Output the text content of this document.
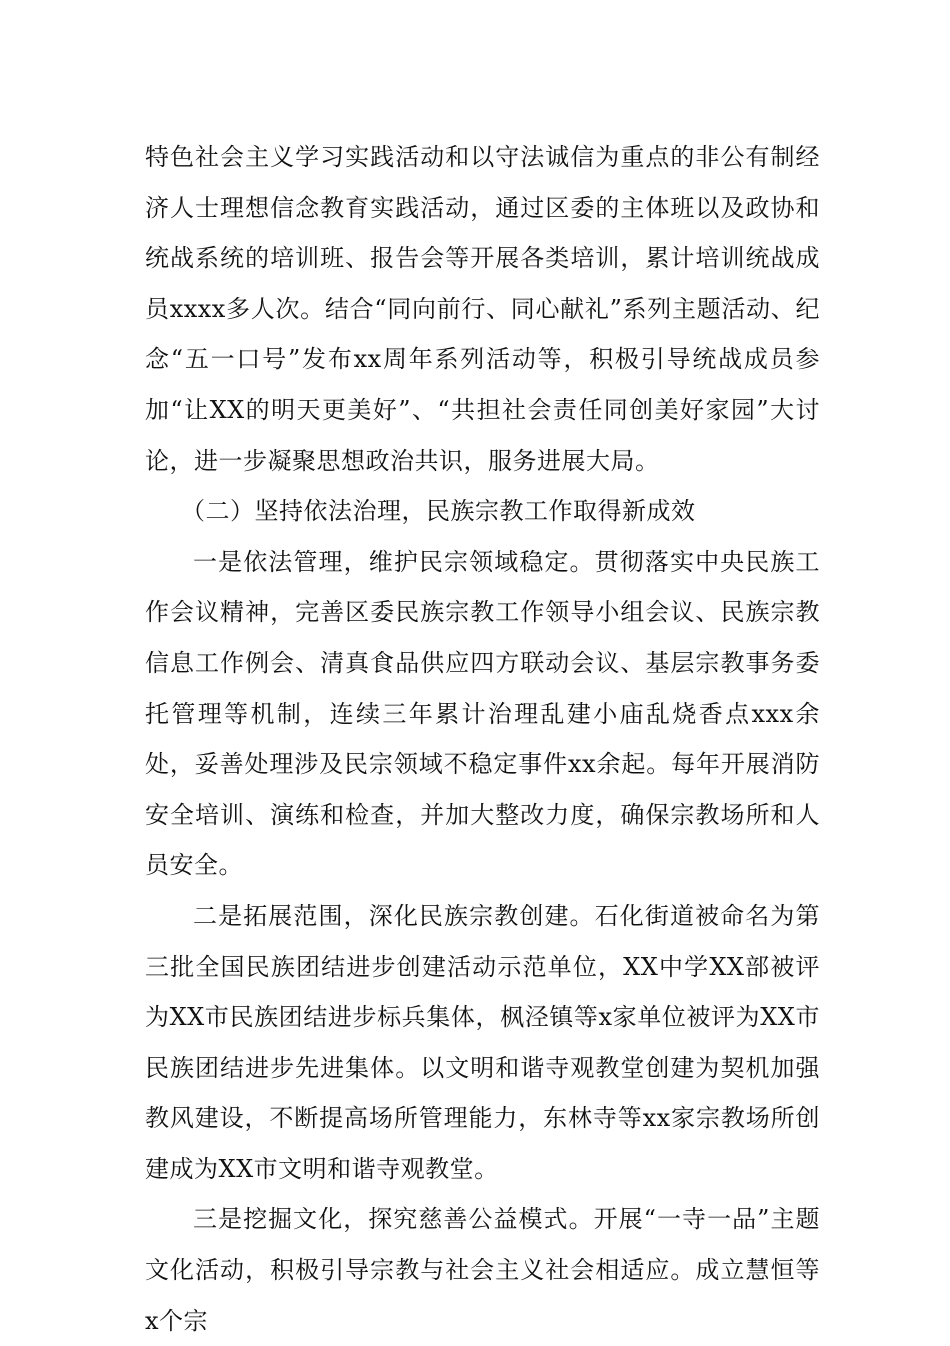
特色社会主义学习实践活动和以守法诚信为重点的非公有制经济人士理想信念教育实践活动，通过区委的主体班以及政协和统战系统的培训班、报告会等开展各类培训，累计培训统战成员xxxx多人次。结合“同向前行、同心献礼”系列主题活动、纪念“五一口号”发布xx周年系列活动等，积极引导统战成员参加“让XX的明天更美好”、“共担社会责任同创美好家园”大讨论，进一步凝聚思想政治共识，服务进展大局。

（二）坚持依法治理，民族宗教工作取得新成效

一是依法管理，维护民宗领域稳定。贯彻落实中央民族工作会议精神，完善区委民族宗教工作领导小组会议、民族宗教信息工作例会、清真食品供应四方联动会议、基层宗教事务委托管理等机制，连续三年累计治理乱建小庙乱烧香点xxx余处，妥善处理涉及民宗领域不稳定事件xx余起。每年开展消防安全培训、演练和检查，并加大整改力度，确保宗教场所和人员安全。

二是拓展范围，深化民族宗教创建。石化街道被命名为第三批全国民族团结进步创建活动示范单位，XX中学XX部被评为XX市民族团结进步标兵集体，枫泾镇等x家单位被评为XX市民族团结进步先进集体。以文明和谐寺观教堂创建为契机加强教风建设，不断提高场所管理能力，东林寺等xx家宗教场所创建成为XX市文明和谐寺观教堂。

三是挖掘文化，探究慈善公益模式。开展“一寺一品”主题文化活动，积极引导宗教与社会主义社会相适应。成立慧恒等x个宗
